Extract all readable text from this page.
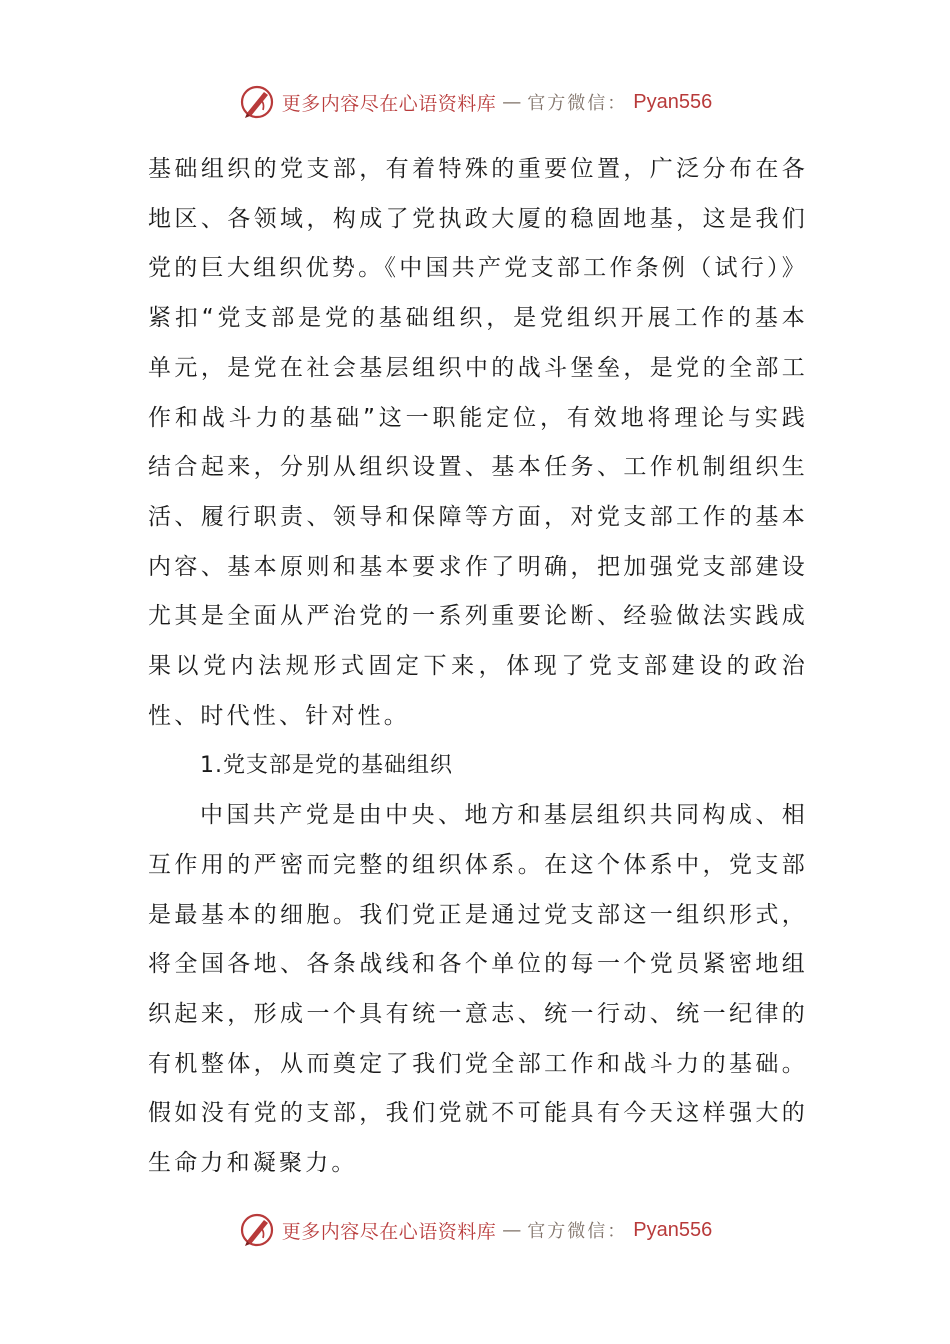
更多内容尽在心语资料库 — 官方微信： Pyan556

基础组织的党支部，有着特殊的重要位置，广泛分布在各地区、各领域，构成了党执政大厦的稳固地基，这是我们党的巨大组织优势。《中国共产党支部工作条例（试行）》紧扣“党支部是党的基础组织，是党组织开展工作的基本单元，是党在社会基层组织中的战斗堡垒，是党的全部工作和战斗力的基础”这一职能定位，有效地将理论与实践结合起来，分别从组织设置、基本任务、工作机制组织生活、履行职责、领导和保障等方面，对党支部工作的基本内容、基本原则和基本要求作了明确，把加强党支部建设尤其是全面从严治党的一系列重要论断、经验做法实践成果以党内法规形式固定下来，体现了党支部建设的政治性、时代性、针对性。

1.党支部是党的基础组织

中国共产党是由中央、地方和基层组织共同构成、相互作用的严密而完整的组织体系。在这个体系中，党支部是最基本的细胞。我们党正是通过党支部这一组织形式，将全国各地、各条战线和各个单位的每一个党员紧密地组织起来，形成一个具有统一意志、统一行动、统一纪律的有机整体，从而奠定了我们党全部工作和战斗力的基础。假如没有党的支部，我们党就不可能具有今天这样强大的生命力和凝聚力。

更多内容尽在心语资料库 — 官方微信： Pyan556
